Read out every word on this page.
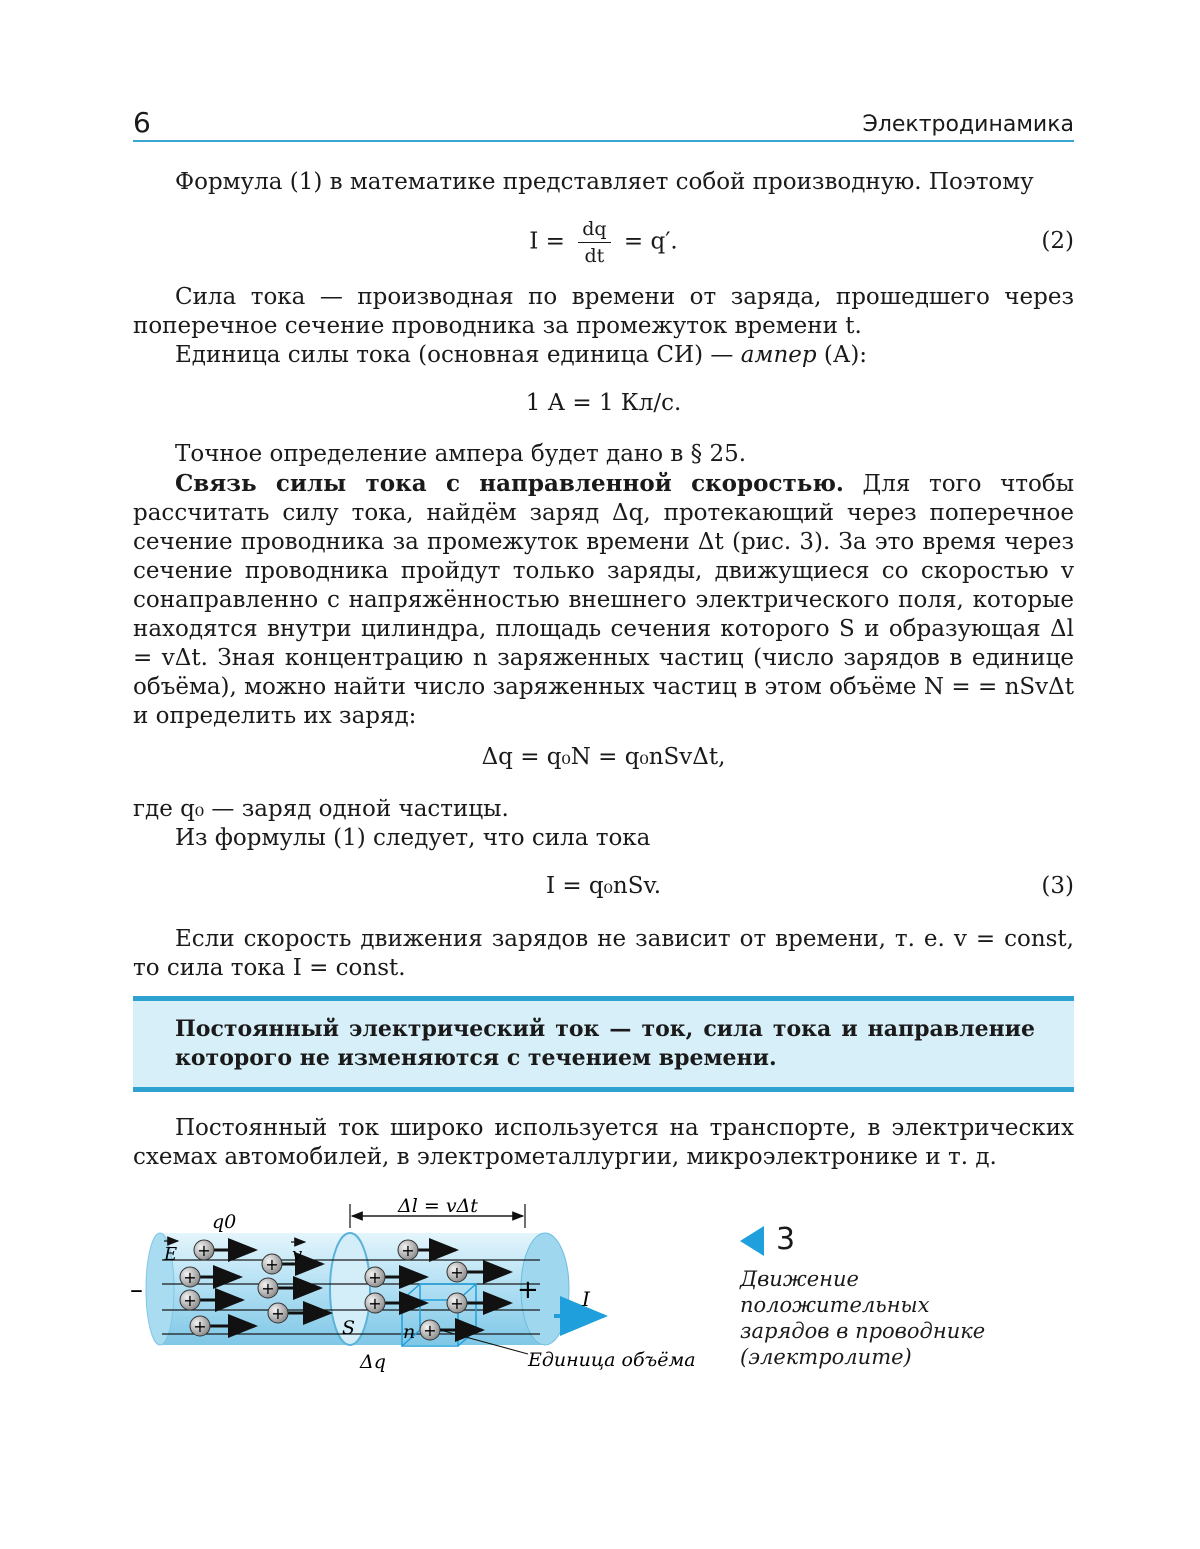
6	Электродинамика

Формула (1) в математике представляет собой производную. Поэтому

$I = \frac{dq}{dt} = q'$.	(2)

Сила тока — производная по времени от заряда, прошедшего через поперечное сечение проводника за промежуток времени t.

Единица силы тока (основная единица СИ) — ампер (А):

1 А = 1 Кл/с.

Точное определение ампера будет дано в § 25.

Связь силы тока с направленной скоростью. Для того чтобы рассчитать силу тока, найдём заряд Δq, протекающий через поперечное сечение проводника за промежуток времени Δt (рис. 3). За это время через сечение проводника пройдут только заряды, движущиеся со скоростью v сонаправленно с напряжённостью внешнего электрического поля, которые находятся внутри цилиндра, площадь сечения которого S и образующая Δl = vΔt. Зная концентрацию n заряженных частиц (число зарядов в единице объёма), можно найти число заряженных частиц в этом объёме N = = nSvΔt и определить их заряд:

Δq = q₀N = q₀nSvΔt,

где q₀ — заряд одной частицы.

Из формулы (1) следует, что сила тока

I = q₀nSv.	(3)

Если скорость движения зарядов не зависит от времени, т. е. v = const, то сила тока I = const.

Постоянный электрический ток — ток, сила тока и направление которого не изменяются с течением времени.

Постоянный ток широко используется на транспорте, в электрических схемах автомобилей, в электрометаллургии, микроэлектронике и т. д.

+
+
+
+
+
+
+
+
+
+
+
+
+
Δl = vΔt
q0
E	v
–	+ I
S	n
Δq	Единица объёма
3
Движение положительных зарядов в проводнике (электролите)
